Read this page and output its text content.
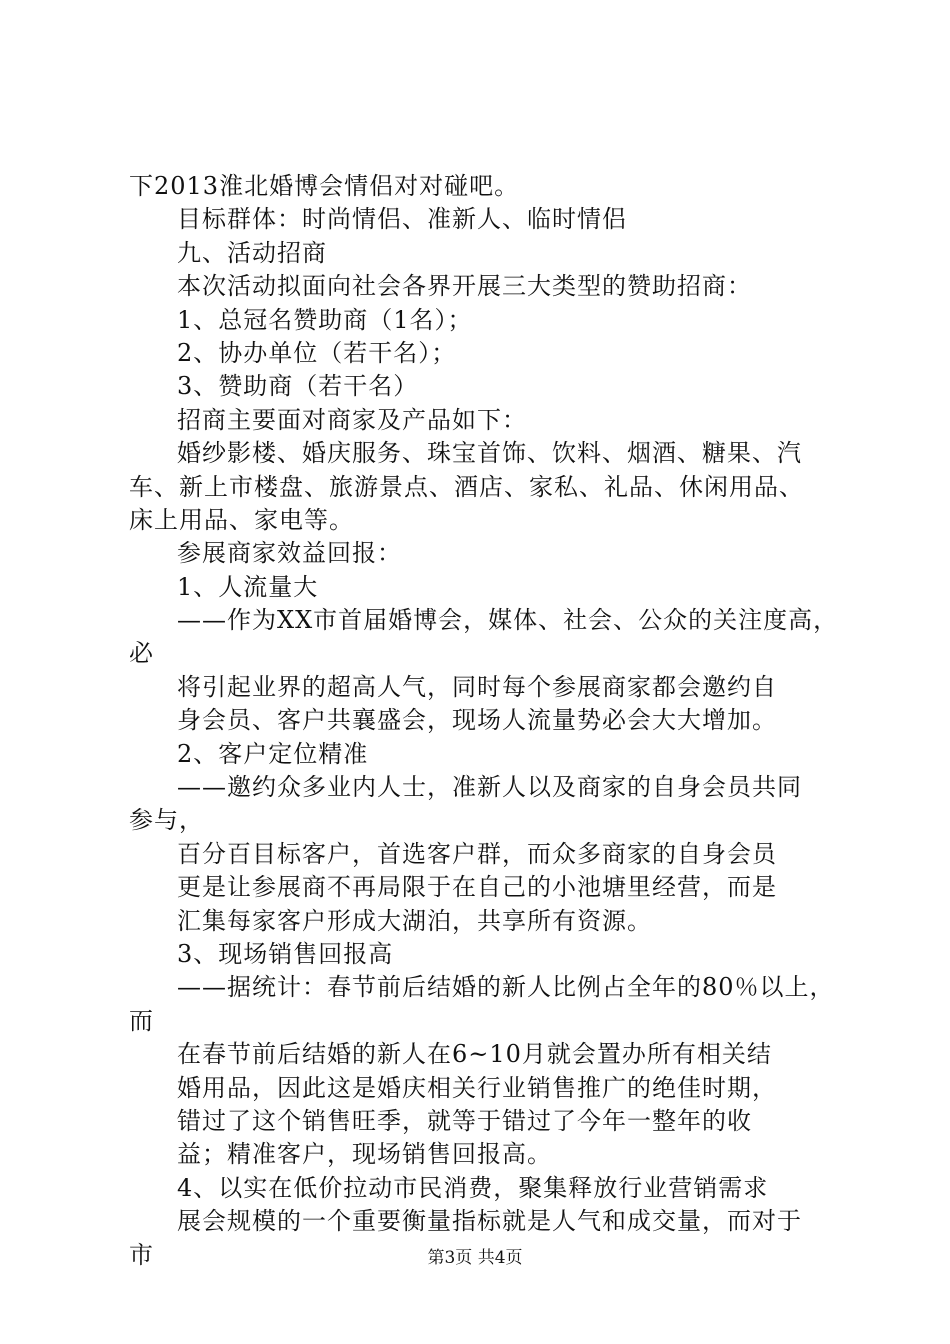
下2013淮北婚博会情侣对对碰吧。
目标群体：时尚情侣、准新人、临时情侣
九、活动招商
本次活动拟面向社会各界开展三大类型的赞助招商：
1、总冠名赞助商（1名）；
2、协办单位（若干名）；
3、赞助商（若干名）
招商主要面对商家及产品如下：
婚纱影楼、婚庆服务、珠宝首饰、饮料、烟酒、糖果、汽
车、新上市楼盘、旅游景点、酒店、家私、礼品、休闲用品、
床上用品、家电等。
参展商家效益回报：
1、人流量大
——作为XX市首届婚博会，媒体、社会、公众的关注度高，
必
将引起业界的超高人气，同时每个参展商家都会邀约自
身会员、客户共襄盛会，现场人流量势必会大大增加。
2、客户定位精准
——邀约众多业内人士，准新人以及商家的自身会员共同
参与，
百分百目标客户，首选客户群，而众多商家的自身会员
更是让参展商不再局限于在自己的小池塘里经营，而是
汇集每家客户形成大湖泊，共享所有资源。
3、现场销售回报高
——据统计：春节前后结婚的新人比例占全年的80％以上，
而
在春节前后结婚的新人在6~10月就会置办所有相关结
婚用品，因此这是婚庆相关行业销售推广的绝佳时期，
错过了这个销售旺季，就等于错过了今年一整年的收
益；精准客户，现场销售回报高。
4、以实在低价拉动市民消费，聚集释放行业营销需求
展会规模的一个重要衡量指标就是人气和成交量，而对于
市	第3页 共4页
